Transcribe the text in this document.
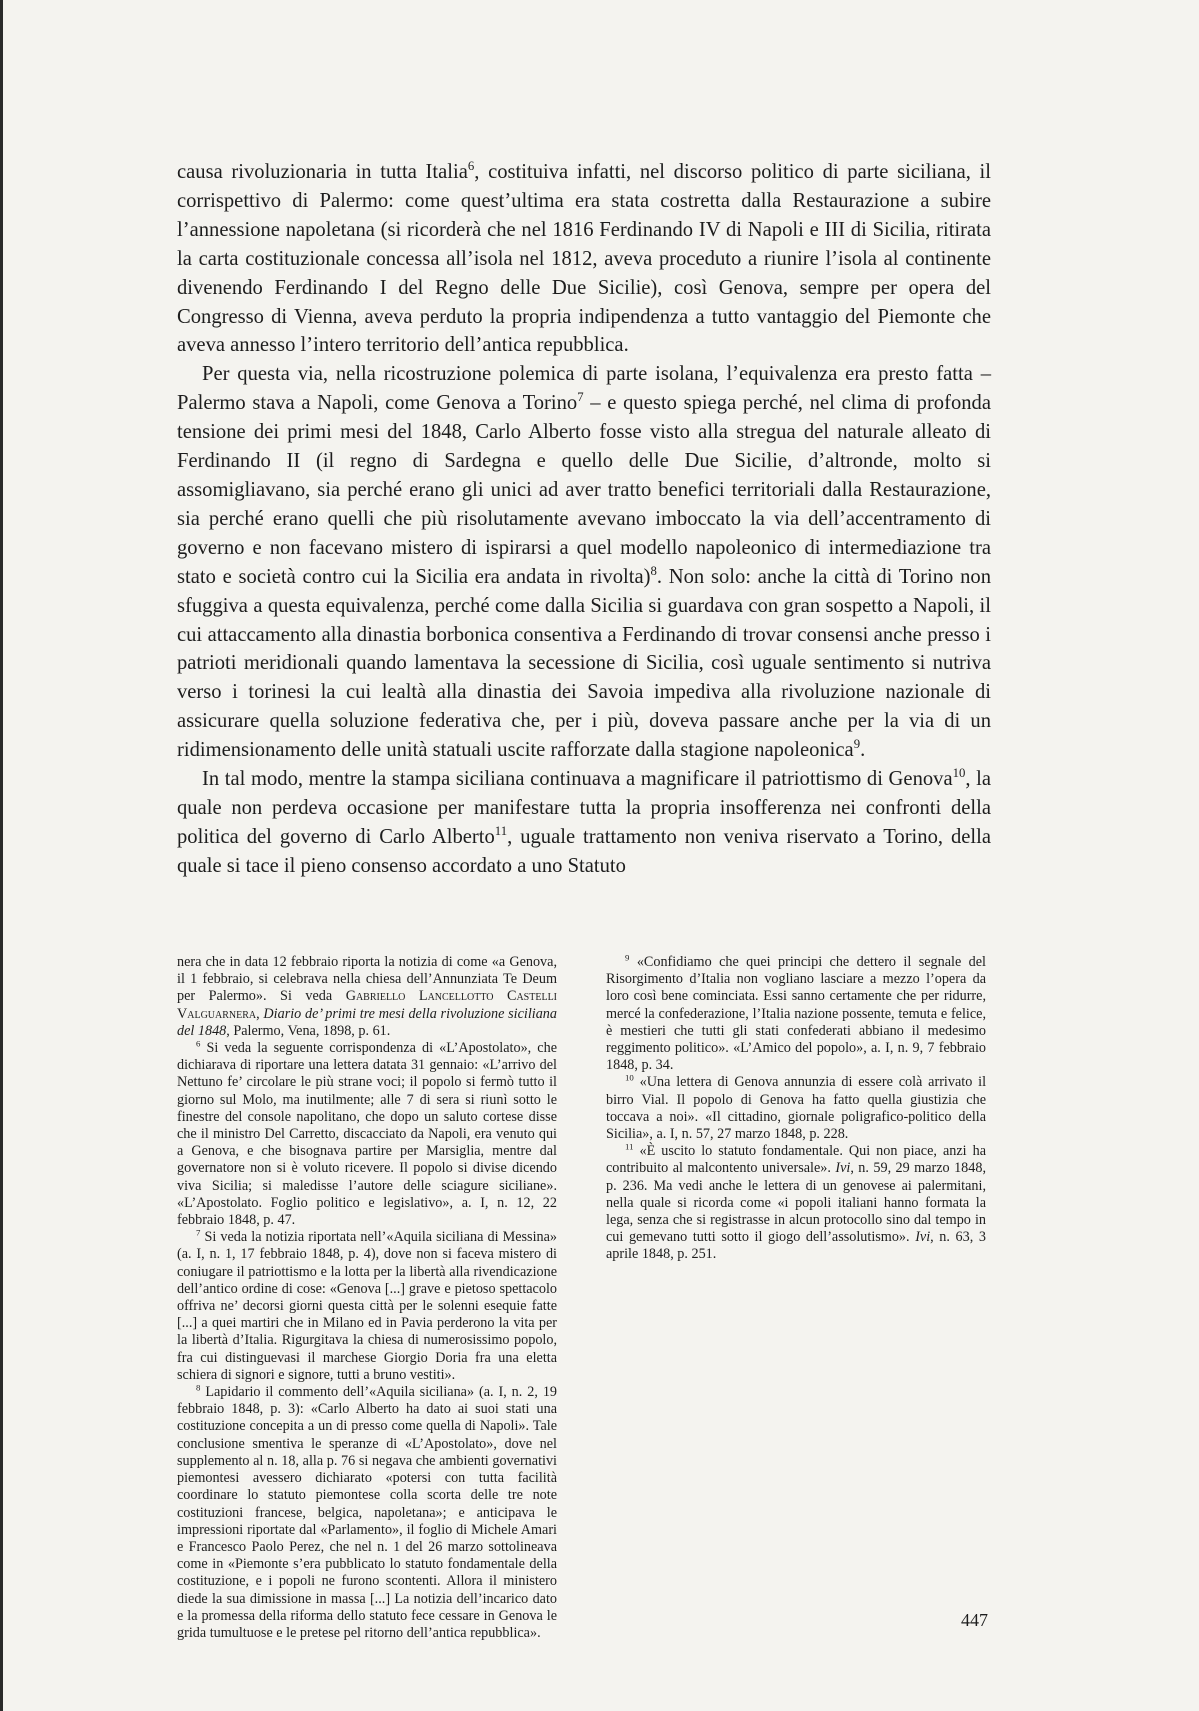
causa rivoluzionaria in tutta Italia$^6$, costituiva infatti, nel discorso politico di parte siciliana, il corrispettivo di Palermo: come quest’ultima era stata costretta dalla Restaurazione a subire l’annessione napoletana (si ricorderà che nel 1816 Ferdinando IV di Napoli e III di Sicilia, ritirata la carta costituzionale concessa all’isola nel 1812, aveva proceduto a riunire l’isola al continente divenendo Ferdinando I del Regno delle Due Sicilie), così Genova, sempre per opera del Congresso di Vienna, aveva perduto la propria indipendenza a tutto vantaggio del Piemonte che aveva annesso l’intero territorio dell’antica repubblica.

Per questa via, nella ricostruzione polemica di parte isolana, l’equivalenza era presto fatta – Palermo stava a Napoli, come Genova a Torino$^7$ – e questo spiega perché, nel clima di profonda tensione dei primi mesi del 1848, Carlo Alberto fosse visto alla stregua del naturale alleato di Ferdinando II (il regno di Sardegna e quello delle Due Sicilie, d’altronde, molto si assomigliavano, sia perché erano gli unici ad aver tratto benefici territoriali dalla Restaurazione, sia perché erano quelli che più risolutamente avevano imboccato la via dell’accentramento di governo e non facevano mistero di ispirarsi a quel modello napoleonico di intermediazione tra stato e società contro cui la Sicilia era andata in rivolta)$^8$. Non solo: anche la città di Torino non sfuggiva a questa equivalenza, perché come dalla Sicilia si guardava con gran sospetto a Napoli, il cui attaccamento alla dinastia borbonica consentiva a Ferdinando di trovar consensi anche presso i patrioti meridionali quando lamentava la secessione di Sicilia, così uguale sentimento si nutriva verso i torinesi la cui lealtà alla dinastia dei Savoia impediva alla rivoluzione nazionale di assicurare quella soluzione federativa che, per i più, doveva passare anche per la via di un ridimensionamento delle unità statuali uscite rafforzate dalla stagione napoleonica$^9$.

In tal modo, mentre la stampa siciliana continuava a magnificare il patriottismo di Genova$^{10}$, la quale non perdeva occasione per manifestare tutta la propria insofferenza nei confronti della politica del governo di Carlo Alberto$^{11}$, uguale trattamento non veniva riservato a Torino, della quale si tace il pieno consenso accordato a uno Statuto

nera che in data 12 febbraio riporta la notizia di come «a Genova, il 1 febbraio, si celebrava nella chiesa dell’Annunziata Te Deum per Palermo». Si veda Gabriello Lancellotto Castelli Valguarnera, Diario de’ primi tre mesi della rivoluzione siciliana del 1848, Palermo, Vena, 1898, p. 61.

$^6$ Si veda la seguente corrispondenza di «L’Apostolato», che dichiarava di riportare una lettera datata 31 gennaio: «L’arrivo del Nettuno fe’ circolare le più strane voci; il popolo si fermò tutto il giorno sul Molo, ma inutilmente; alle 7 di sera si riunì sotto le finestre del console napolitano, che dopo un saluto cortese disse che il ministro Del Carretto, discacciato da Napoli, era venuto qui a Genova, e che bisognava partire per Marsiglia, mentre dal governatore non si è voluto ricevere. Il popolo si divise dicendo viva Sicilia; si maledisse l’autore delle sciagure siciliane». «L’Apostolato. Foglio politico e legislativo», a. I, n. 12, 22 febbraio 1848, p. 47.

$^7$ Si veda la notizia riportata nell’«Aquila siciliana di Messina» (a. I, n. 1, 17 febbraio 1848, p. 4), dove non si faceva mistero di coniugare il patriottismo e la lotta per la libertà alla rivendicazione dell’antico ordine di cose: «Genova [...] grave e pietoso spettacolo offriva ne’ decorsi giorni questa città per le solenni esequie fatte [...] a quei martiri che in Milano ed in Pavia perderono la vita per la libertà d’Italia. Rigurgitava la chiesa di numerosissimo popolo, fra cui distinguevasi il marchese Giorgio Doria fra una eletta schiera di signori e signore, tutti a bruno vestiti».

$^8$ Lapidario il commento dell’«Aquila siciliana» (a. I, n. 2, 19 febbraio 1848, p. 3): «Carlo Alberto ha dato ai suoi stati una costituzione concepita a un di presso come quella di Napoli». Tale conclusione smentiva le speranze di «L’Apostolato», dove nel supplemento al n. 18, alla p. 76 si negava che ambienti governativi piemontesi avessero dichiarato «potersi con tutta facilità coordinare lo statuto piemontese colla scorta delle tre note costituzioni francese, belgica, napoletana»; e anticipava le impressioni riportate dal «Parlamento», il foglio di Michele Amari e Francesco Paolo Perez, che nel n. 1 del 26 marzo sottolineava come in «Piemonte s’era pubblicato lo statuto fondamentale della costituzione, e i popoli ne furono scontenti. Allora il ministero diede la sua dimissione in massa [...] La notizia dell’incarico dato e la promessa della riforma dello statuto fece cessare in Genova le grida tumultuose e le pretese pel ritorno dell’antica repubblica».

$^9$ «Confidiamo che quei principi che dettero il segnale del Risorgimento d’Italia non vogliano lasciare a mezzo l’opera da loro così bene cominciata. Essi sanno certamente che per ridurre, mercé la confederazione, l’Italia nazione possente, temuta e felice, è mestieri che tutti gli stati confederati abbiano il medesimo reggimento politico». «L’Amico del popolo», a. I, n. 9, 7 febbraio 1848, p. 34.

$^{10}$ «Una lettera di Genova annunzia di essere colà arrivato il birro Vial. Il popolo di Genova ha fatto quella giustizia che toccava a noi». «Il cittadino, giornale poligrafico-politico della Sicilia», a. I, n. 57, 27 marzo 1848, p. 228.

$^{11}$ «È uscito lo statuto fondamentale. Qui non piace, anzi ha contribuito al malcontento universale». Ivi, n. 59, 29 marzo 1848, p. 236. Ma vedi anche le lettera di un genovese ai palermitani, nella quale si ricorda come «i popoli italiani hanno formata la lega, senza che si registrasse in alcun protocollo sino dal tempo in cui gemevano tutti sotto il giogo dell’assolutismo». Ivi, n. 63, 3 aprile 1848, p. 251.

447
